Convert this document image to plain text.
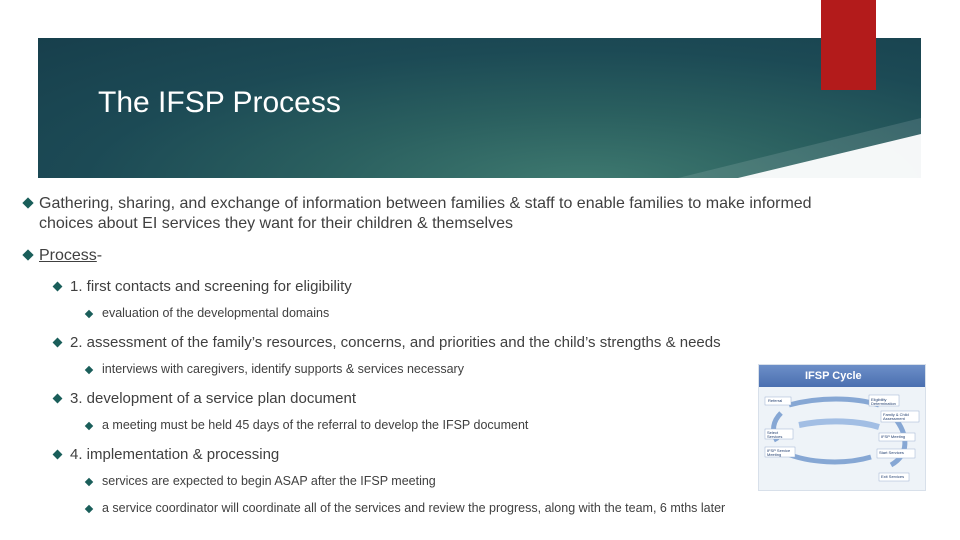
The IFSP Process
Gathering, sharing, and exchange of information between families & staff to enable families to make informed
choices about EI services they want for their children & themselves
Process-
1. first contacts and screening for eligibility
evaluation of the developmental domains
2. assessment of the family’s resources, concerns, and priorities and the child’s strengths & needs
interviews with caregivers, identify supports & services necessary
3. development of a service plan document
a meeting must be held 45 days of the referral to develop the IFSP document
4. implementation & processing
services are expected to begin ASAP after the IFSP meeting
a service coordinator will coordinate all of the services and review the progress, along with the team, 6 mths later
IFSP Cycle
Referral	Eligibility Determination
Family & Child Assessment
Select Services
IFSP Service Meeting
IFSP Meeting
Start Services
Exit Services
